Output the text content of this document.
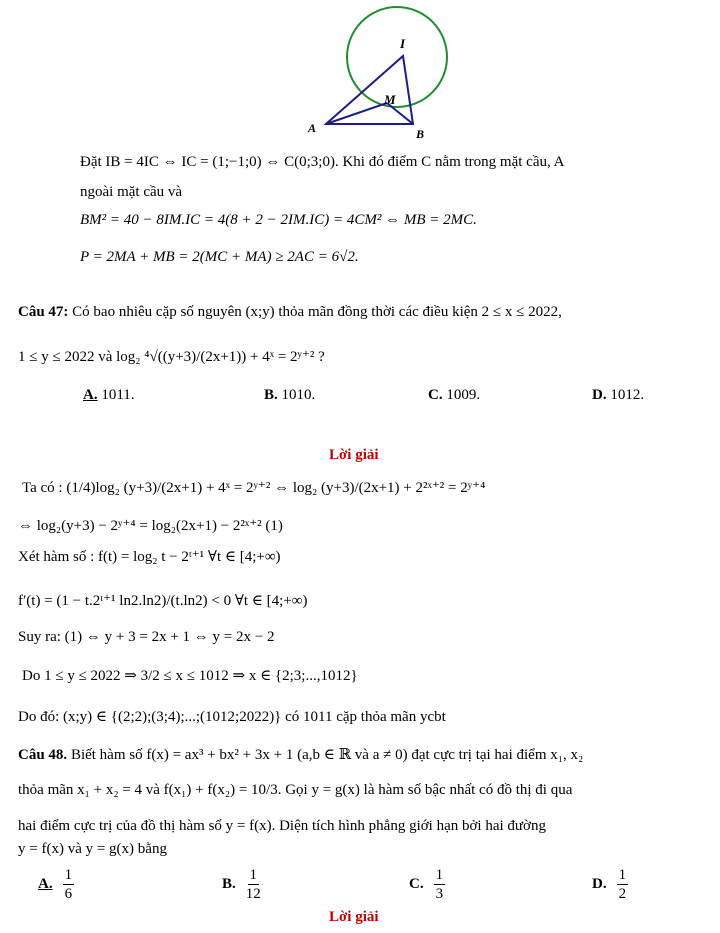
I
M
A	B
Đặt IB = 4IC ⇔ IC = (1;−1;0) ⇔ C(0;3;0). Khi đó điểm C nằm trong mặt cầu, A
ngoài mặt cầu và
BM² = 40 − 8IM.IC = 4(8 + 2 − 2IM.IC) = 4CM² ⇔ MB = 2MC.
P = 2MA + MB = 2(MC + MA) ≥ 2AC = 6√2.
Câu 47: Có bao nhiêu cặp số nguyên (x;y) thỏa mãn đồng thời các điều kiện 2 ≤ x ≤ 2022,
1 ≤ y ≤ 2022 và log₂ ⁴√((y+3)/(2x+1)) + 4ˣ = 2ʸ⁺² ?
A. 1011.	B. 1010.	C. 1009.	D. 1012.
Lời giải
Ta có : (1/4)log₂ (y+3)/(2x+1) + 4ˣ = 2ʸ⁺² ⇔ log₂ (y+3)/(2x+1) + 2²ˣ⁺² = 2ʸ⁺⁴
⇔ log₂(y+3) − 2ʸ⁺⁴ = log₂(2x+1) − 2²ˣ⁺² (1)
Xét hàm số : f(t) = log₂ t − 2ᵗ⁺¹ ∀t ∈ [4;+∞)
f′(t) = (1 − t.2ᵗ⁺¹ ln2.ln2)/(t.ln2) < 0 ∀t ∈ [4;+∞)
Suy ra: (1) ⇔ y + 3 = 2x + 1 ⇔ y = 2x − 2
Do 1 ≤ y ≤ 2022 ⇒ 3/2 ≤ x ≤ 1012 ⇒ x ∈ {2;3;...,1012}
Do đó: (x;y) ∈ {(2;2);(3;4);...;(1012;2022)} có 1011 cặp thỏa mãn ycbt
Câu 48. Biết hàm số f(x) = ax³ + bx² + 3x + 1 (a,b ∈ ℝ và a ≠ 0) đạt cực trị tại hai điểm x₁, x₂
thỏa mãn x₁ + x₂ = 4 và f(x₁) + f(x₂) = 10/3. Gọi y = g(x) là hàm số bậc nhất có đồ thị đi qua
hai điểm cực trị của đồ thị hàm số y = f(x). Diện tích hình phẳng giới hạn bởi hai đường
y = f(x) và y = g(x) bằng
A. $\frac{1}{6}$	B. $\frac{1}{12}$	C. $\frac{1}{3}$	D. $\frac{1}{2}$
Lời giải
